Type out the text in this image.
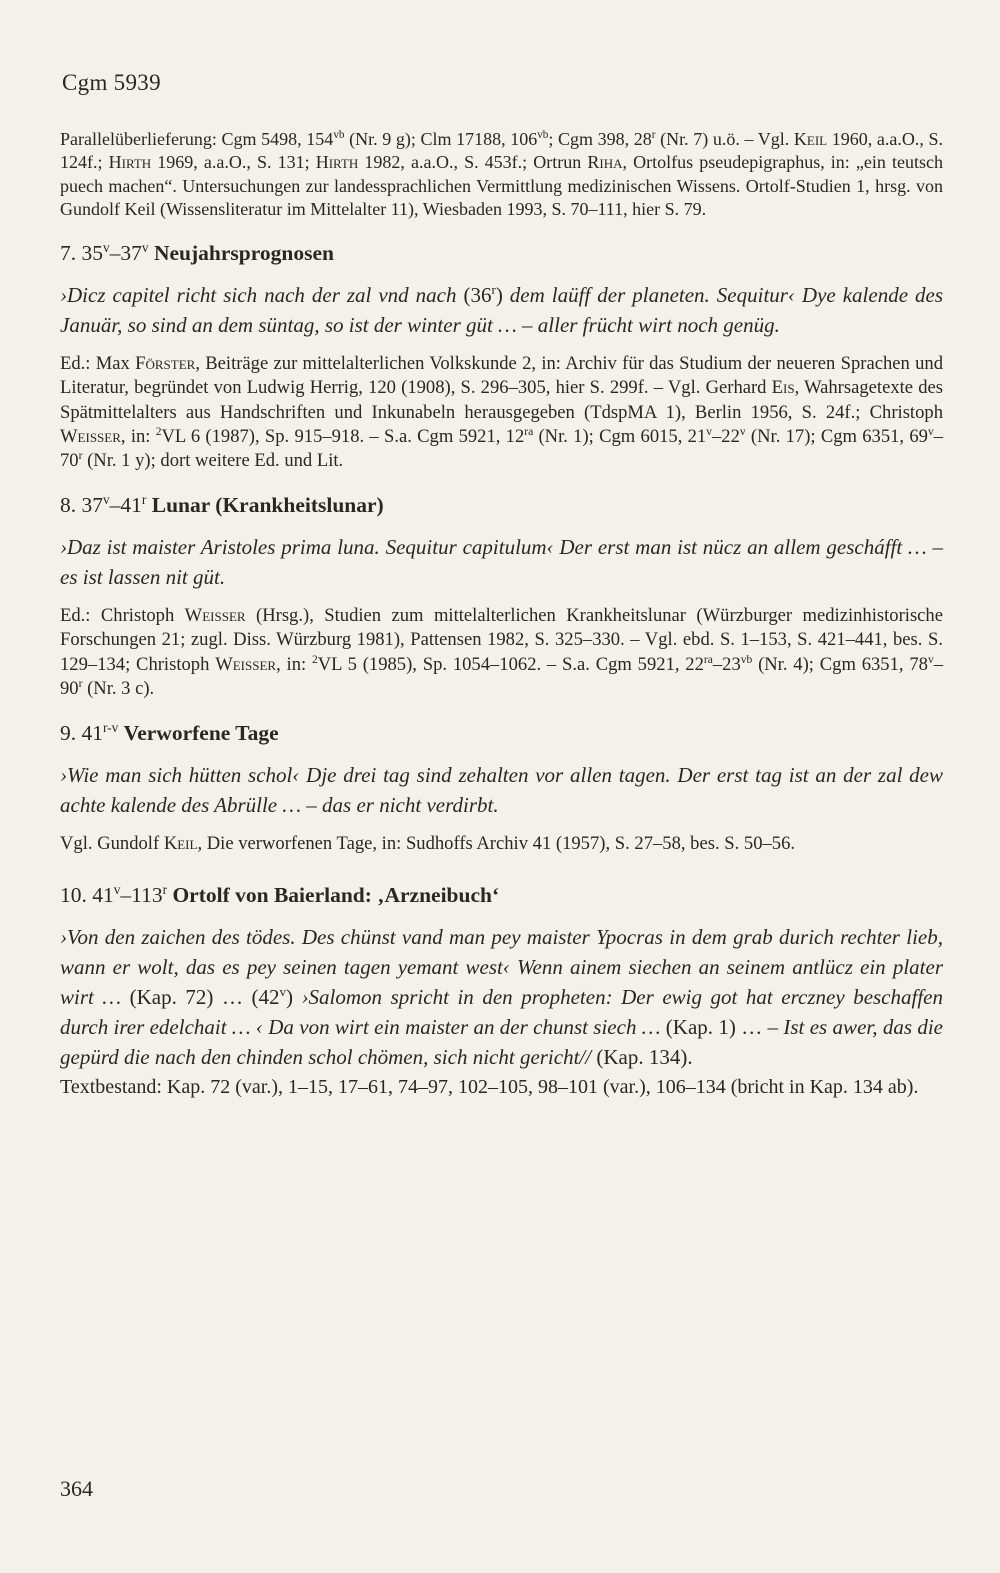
Cgm 5939

Parallelüberlieferung: Cgm 5498, $154^{vb}$ (Nr. 9 g); Clm 17188, $106^{vb}$; Cgm 398, 28$^r$ (Nr. 7) u.ö. – Vgl. Keil 1960, a.a.O., S. 124f.; Hirth 1969, a.a.O., S. 131; Hirth 1982, a.a.O., S. 453f.; Ortrun Riha, Ortolfus pseudepigraphus, in: „ein teutsch puech machen“. Untersuchungen zur landessprachlichen Vermittlung medizinischen Wissens. Ortolf-Studien 1, hrsg. von Gundolf Keil (Wissensliteratur im Mittelalter 11), Wiesbaden 1993, S. 70–111, hier S. 79.

7. 35$^v$–37$^v$ Neujahrsprognosen

›Dicz capitel richt sich nach der zal vnd nach (36$^r$) dem laüff der planeten. Sequitur‹ Dye kalende des Januär, so sind an dem süntag, so ist der winter güt … – aller frücht wirt noch genüg.

Ed.: Max Förster, Beiträge zur mittelalterlichen Volkskunde 2, in: Archiv für das Studium der neueren Sprachen und Literatur, begründet von Ludwig Herrig, 120 (1908), S. 296–305, hier S. 299f. – Vgl. Gerhard Eis, Wahrsagetexte des Spätmittelalters aus Handschriften und Inkunabeln herausgegeben (TdspMA 1), Berlin 1956, S. 24f.; Christoph Weisser, in: $^2$VL 6 (1987), Sp. 915–918. – S.a. Cgm 5921, $12^{ra}$ (Nr. 1); Cgm 6015, 21$^v$–22$^v$ (Nr. 17); Cgm 6351, 69$^v$–70$^r$ (Nr. 1 y); dort weitere Ed. und Lit.

8. 37$^v$–41$^r$ Lunar (Krankheitslunar)

›Daz ist maister Aristoles prima luna. Sequitur capitulum‹ Der erst man ist nücz an allem gescháfft … – es ist lassen nit güt.

Ed.: Christoph Weisser (Hrsg.), Studien zum mittelalterlichen Krankheitslunar (Würzburger medizinhistorische Forschungen 21; zugl. Diss. Würzburg 1981), Pattensen 1982, S. 325–330. – Vgl. ebd. S. 1–153, S. 421–441, bes. S. 129–134; Christoph Weisser, in: $^2$VL 5 (1985), Sp. 1054–1062. – S.a. Cgm 5921, $22^{ra}-23^{vb}$ (Nr. 4); Cgm 6351, 78$^v$–90$^r$ (Nr. 3 c).

9. 41$^{r-v}$ Verworfene Tage

›Wie man sich hütten schol‹ Dje drei tag sind zehalten vor allen tagen. Der erst tag ist an der zal dew achte kalende des Abrülle … – das er nicht verdirbt.

Vgl. Gundolf Keil, Die verworfenen Tage, in: Sudhoffs Archiv 41 (1957), S. 27–58, bes. S. 50–56.

10. 41$^v$–113$^r$ Ortolf von Baierland: ‚Arzneibuch‘

›Von den zaichen des tödes. Des chünst vand man pey maister Ypocras in dem grab durich rechter lieb, wann er wolt, das es pey seinen tagen yemant west‹ Wenn ainem siechen an seinem antlücz ein plater wirt … (Kap. 72) … (42$^v$) ›Salomon spricht in den propheten: Der ewig got hat erczney beschaffen durch irer edelchait … ‹ Da von wirt ein maister an der chunst siech … (Kap. 1) … – Ist es awer, das die gepürd die nach den chinden schol chömen, sich nicht gericht// (Kap. 134).

Textbestand: Kap. 72 (var.), 1–15, 17–61, 74–97, 102–105, 98–101 (var.), 106–134 (bricht in Kap. 134 ab).

364
